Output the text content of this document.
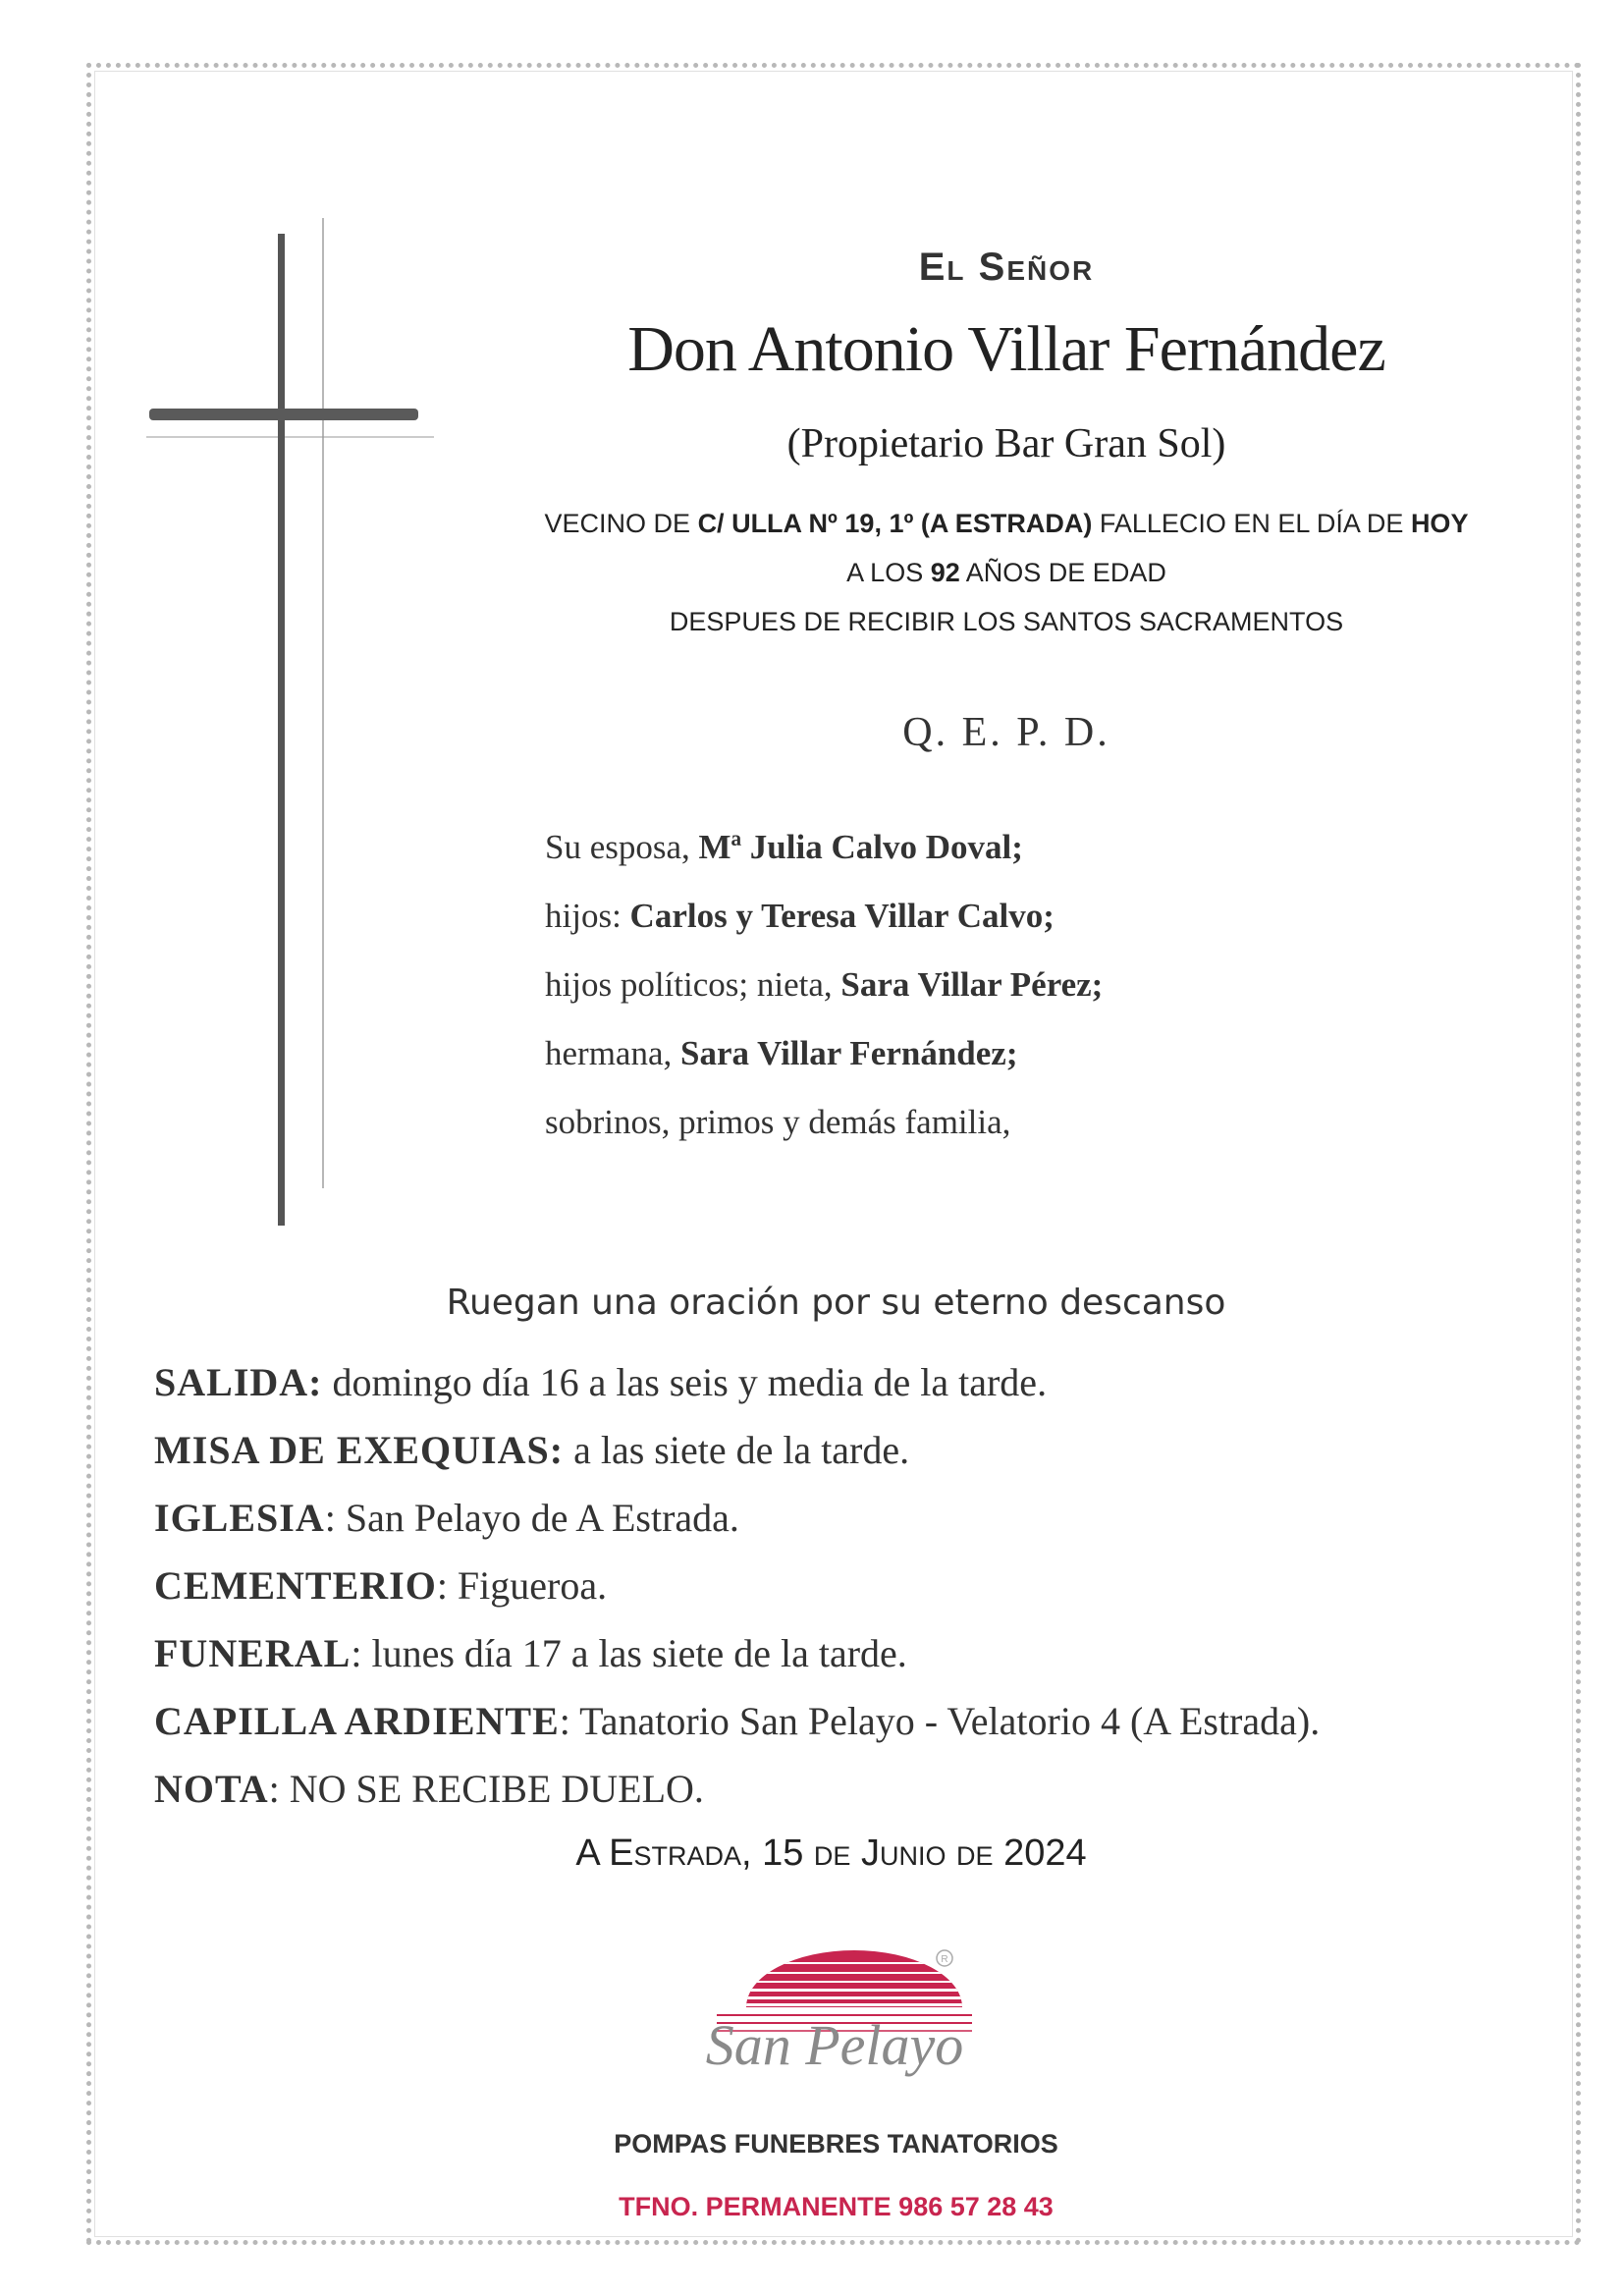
El Señor
Don Antonio Villar Fernández
(Propietario Bar Gran Sol)
VECINO DE C/ ULLA Nº 19, 1º (A ESTRADA) FALLECIO EN EL DÍA DE HOY
A LOS 92 AÑOS DE EDAD
DESPUES DE RECIBIR LOS SANTOS SACRAMENTOS
Q. E. P. D.
Su esposa, Mª Julia Calvo Doval;
hijos: Carlos y Teresa Villar Calvo;
hijos políticos; nieta, Sara Villar Pérez;
hermana, Sara Villar Fernández;
sobrinos, primos y demás familia,
Ruegan una oración por su eterno descanso
SALIDA: domingo día 16 a las seis y media de la tarde.
MISA DE EXEQUIAS: a las siete de la tarde.
IGLESIA: San Pelayo de A Estrada.
CEMENTERIO: Figueroa.
FUNERAL: lunes día 17 a las siete de la tarde.
CAPILLA ARDIENTE: Tanatorio San Pelayo - Velatorio 4 (A Estrada).
NOTA: NO SE RECIBE DUELO.
A Estrada, 15 de Junio de 2024
R
San Pelayo
POMPAS FUNEBRES TANATORIOS
TFNO. PERMANENTE 986 57 28 43
